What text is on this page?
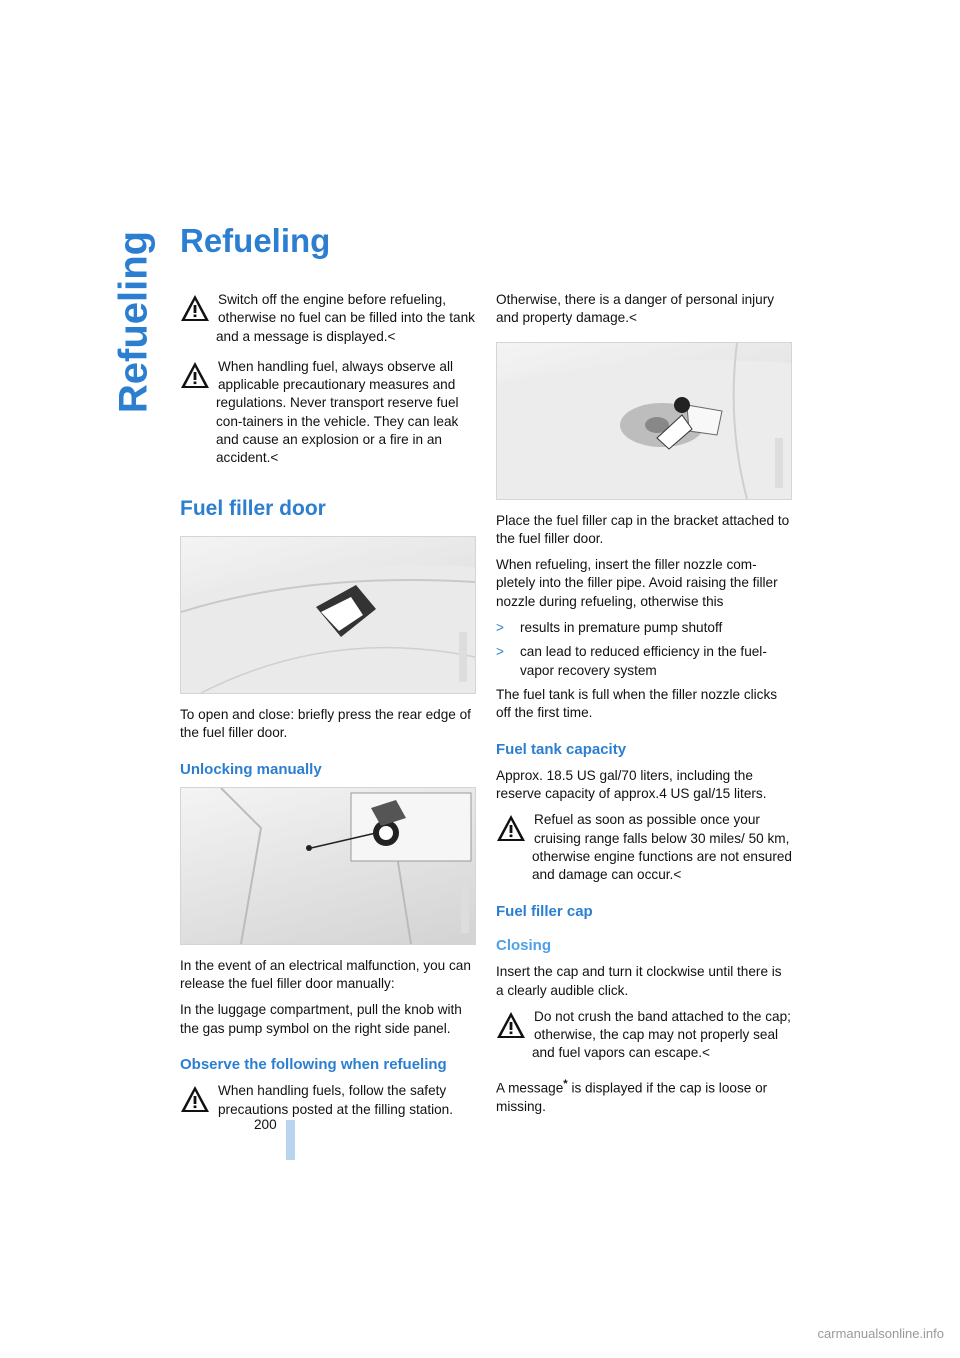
Refueling Refueling
Switch off the engine before refueling, otherwise no fuel can be filled into the tank and a message is displayed.<
When handling fuel, always observe all applicable precautionary measures and regulations. Never transport reserve fuel con-tainers in the vehicle. They can leak and cause an explosion or a fire in an accident.<
Fuel filler door

To open and close: briefly press the rear edge of the fuel filler door.

Unlocking manually

In the event of an electrical malfunction, you can release the fuel filler door manually:

In the luggage compartment, pull the knob with the gas pump symbol on the right side panel.

Observe the following when refueling
When handling fuels, follow the safety precautions posted at the filling station.

Otherwise, there is a danger of personal injury and property damage.<

Place the fuel filler cap in the bracket attached to the fuel filler door.

When refueling, insert the filler nozzle com-pletely into the filler pipe. Avoid raising the filler nozzle during refueling, otherwise this

> results in premature pump shutoff
> can lead to reduced efficiency in the fuel-vapor recovery system

The fuel tank is full when the filler nozzle clicks off the first time.

Fuel tank capacity

Approx. 18.5 US gal/70 liters, including the reserve capacity of approx.4 US gal/15 liters.

Refuel as soon as possible once your cruising range falls below 30 miles/ 50 km, otherwise engine functions are not ensured and damage can occur.<
Fuel filler cap
Closing

Insert the cap and turn it clockwise until there is a clearly audible click.

Do not crush the band attached to the cap; otherwise, the cap may not properly seal and fuel vapors can escape.<

A message* is displayed if the cap is loose or missing.

200
carmanualsonline.info
